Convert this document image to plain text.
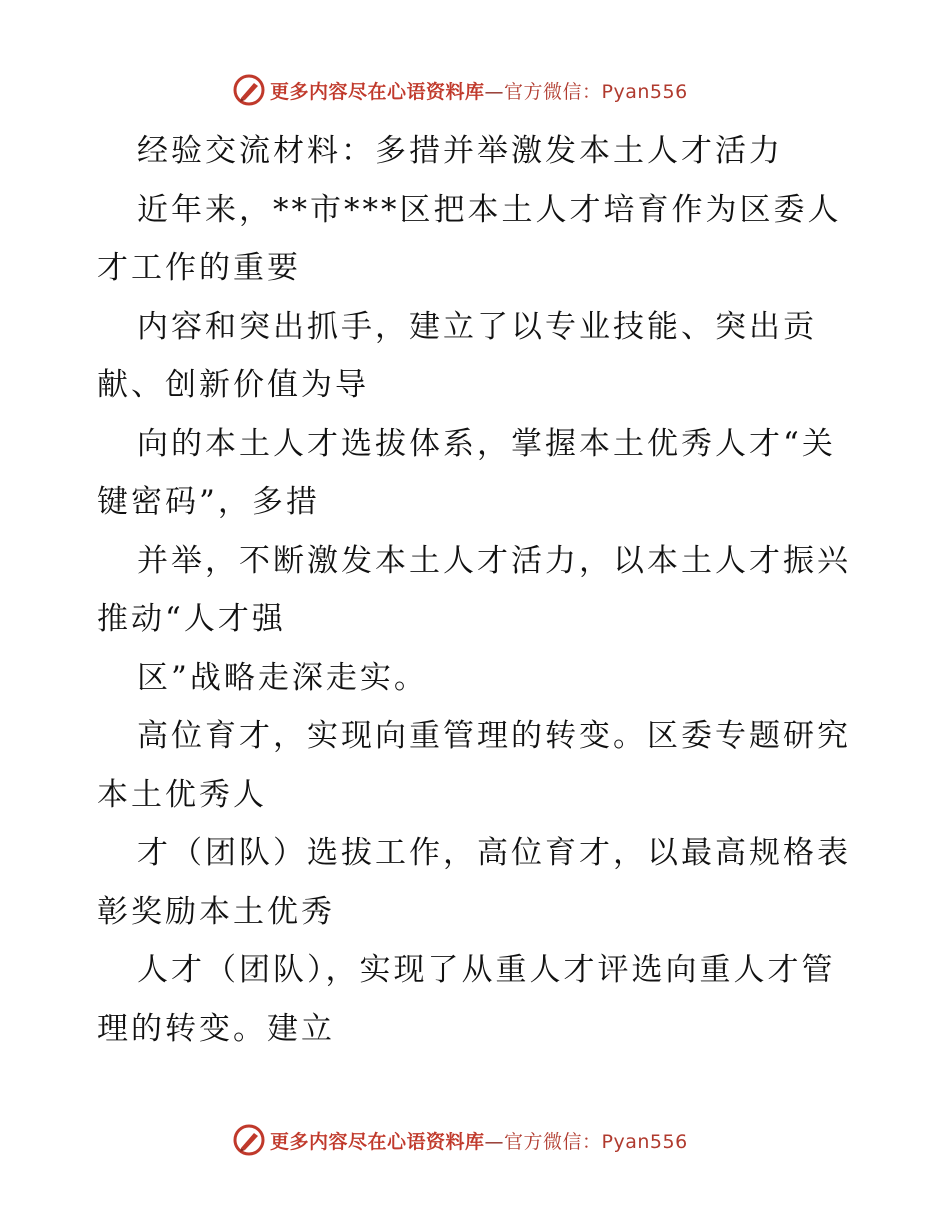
更多内容尽在心语资料库—官方微信：Pyan556
经验交流材料：多措并举激发本土人才活力
近年来，**市***区把本土人才培育作为区委人
才工作的重要
内容和突出抓手，建立了以专业技能、突出贡
献、创新价值为导
向的本土人才选拔体系，掌握本土优秀人才“关
键密码”，多措
并举，不断激发本土人才活力，以本土人才振兴
推动“人才强
区”战略走深走实。
高位育才，实现向重管理的转变。区委专题研究
本土优秀人
才（团队）选拔工作，高位育才，以最高规格表
彰奖励本土优秀
人才（团队），实现了从重人才评选向重人才管
理的转变。建立
更多内容尽在心语资料库—官方微信：Pyan556
